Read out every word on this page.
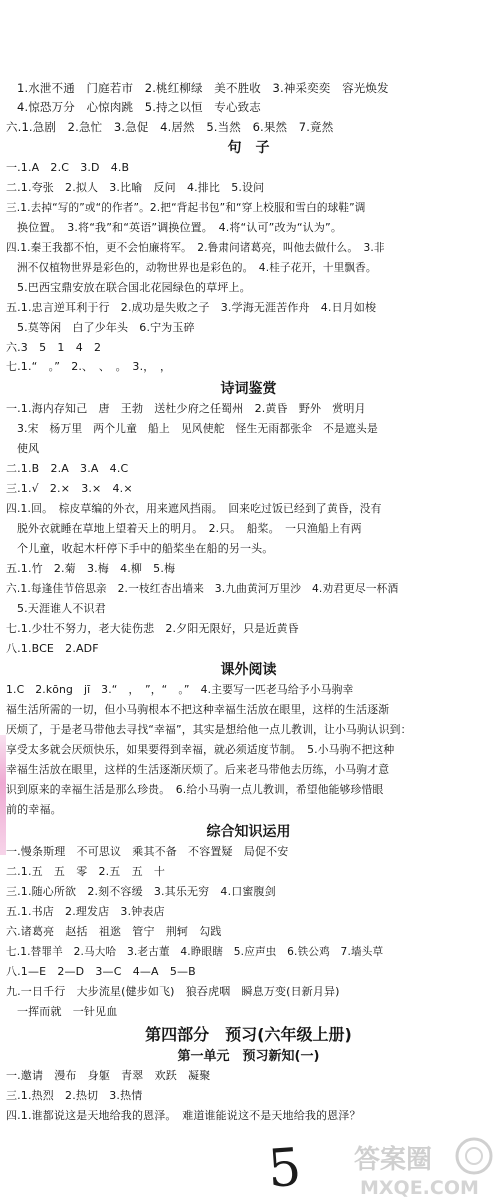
1.水泄不通　门庭若市　2.桃红柳绿　美不胜收　3.神采奕奕　容光焕发
4.惊恐万分　心惊肉跳　5.持之以恒　专心致志
六.1.急剧　2.急忙　3.急促　4.居然　5.当然　6.果然　7.竟然
句　子
一.1.A　2.C　3.D　4.B
二.1.夸张　2.拟人　3.比喻　反问　4.排比　5.设问
三.1.去掉“写的”或“的作者”。2.把“背起书包”和“穿上校服和雪白的球鞋”调
换位置。　3.将“我”和“英语”调换位置。　4.将“认可”改为“认为”。
四.1.秦王我都不怕，更不会怕廉将军。　2.鲁肃问诸葛亮，叫他去做什么。　3.非
洲不仅植物世界是彩色的，动物世界也是彩色的。　4.桂子花开，十里飘香。
5.巴西宝鼎安放在联合国北花园绿色的草坪上。
五.1.忠言逆耳利于行　2.成功是失败之子　3.学海无涯苦作舟　4.日月如梭
5.莫等闲　白了少年头　6.宁为玉碎
六.3　5　1　4　2
七.1.“　。”　2.、　、　。　3.，　，
诗词鉴赏
一.1.海内存知己　唐　王勃　送杜少府之任蜀州　2.黄昏　野外　赏明月
3.宋　杨万里　两个儿童　船上　见风使舵　怪生无雨都张伞　不是遮头是
使风
二.1.B　2.A　3.A　4.C
三.1.√　2.×　3.×　4.×
四.1.回。　棕皮草编的外衣，用来遮风挡雨。　回来吃过饭已经到了黄昏，没有
脱外衣就睡在草地上望着天上的明月。　2.只。　船桨。　一只渔船上有两
个儿童，收起木杆停下手中的船桨坐在船的另一头。
五.1.竹　2.菊　3.梅　4.柳　5.梅
六.1.每逢佳节倍思亲　2.一枝红杏出墙来　3.九曲黄河万里沙　4.劝君更尽一杯酒
5.天涯谁人不识君
七.1.少壮不努力，老大徒伤悲　2.夕阳无限好，只是近黄昏
八.1.BCE　2.ADF
课外阅读
1.C　2.kōng　jī　3.“　，　”，“　。”　4.主要写一匹老马给予小马驹幸
福生活所需的一切，但小马驹根本不把这种幸福生活放在眼里，这样的生活逐渐
厌烦了，于是老马带他去寻找“幸福”，其实是想给他一点儿教训，让小马驹认识到：
享受太多就会厌烦快乐，如果要得到幸福，就必须适度节制。　5.小马驹不把这种
幸福生活放在眼里，这样的生活逐渐厌烦了。后来老马带他去历练，小马驹才意
识到原来的幸福生活是那么珍贵。　6.给小马驹一点儿教训，希望他能够珍惜眼
前的幸福。
综合知识运用
一.慢条斯理　不可思议　乘其不备　不容置疑　局促不安
二.1.五　五　零　2.五　五　十
三.1.随心所欲　2.刻不容缓　3.其乐无穷　4.口蜜腹剑
五.1.书店　2.理发店　3.钟表店
六.诸葛亮　赵括　祖逖　管宁　荆轲　勾践
七.1.替罪羊　2.马大哈　3.老古董　4.睁眼瞎　5.应声虫　6.铁公鸡　7.墙头草
八.1—E　2—D　3—C　4—A　5—B
九.一日千行　大步流星(健步如飞)　狼吞虎咽　瞬息万变(日新月异)
一挥而就　一针见血
第四部分　预习(六年级上册)
第一单元　预习新知(一)
一.邀请　漫布　身躯　青翠　欢跃　凝聚
三.1.热烈　2.热切　3.热情
四.1.谁都说这是天地给我的恩泽。　难道谁能说这不是天地给我的恩泽？
5	答案圈
MXQE.COM
